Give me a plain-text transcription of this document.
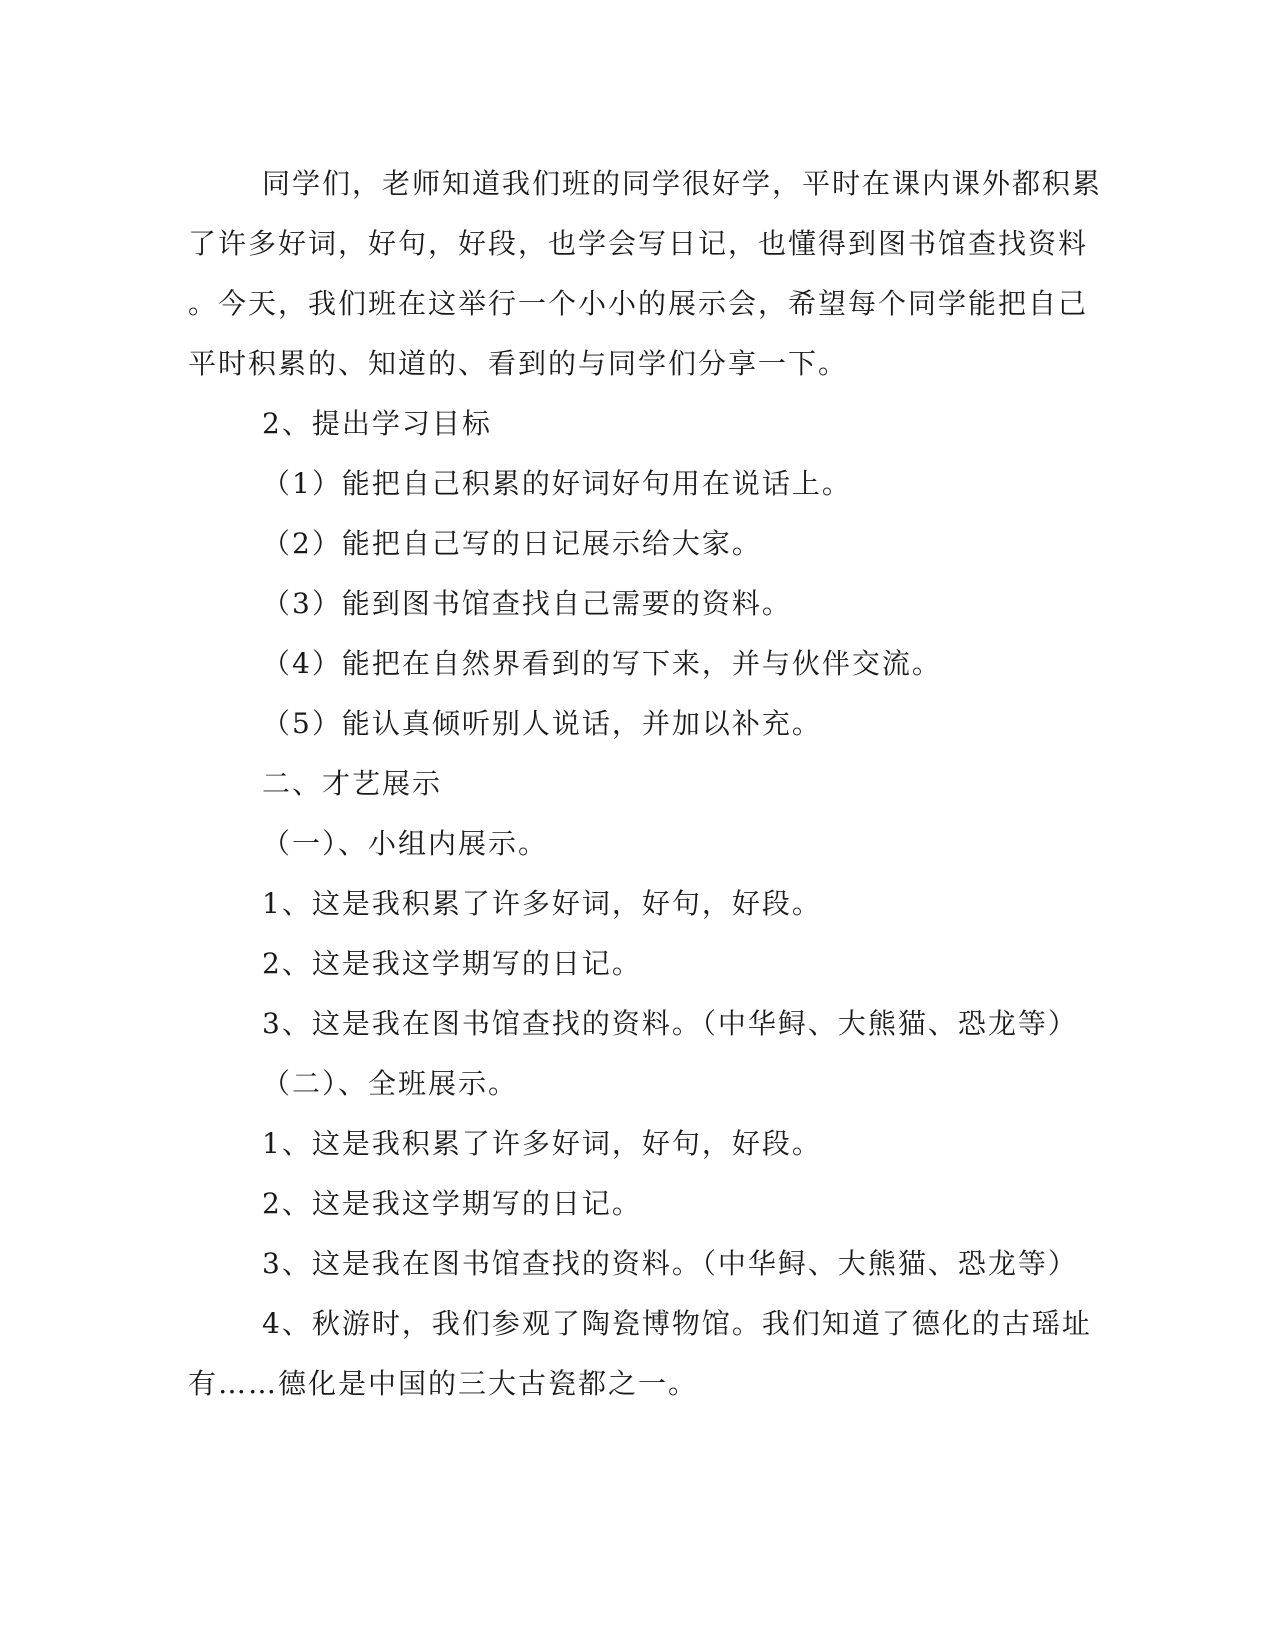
同学们，老师知道我们班的同学很好学，平时在课内课外都积累
了许多好词，好句，好段，也学会写日记，也懂得到图书馆查找资料
。今天，我们班在这举行一个小小的展示会，希望每个同学能把自己
平时积累的、知道的、看到的与同学们分享一下。
2、提出学习目标
（1）能把自己积累的好词好句用在说话上。
（2）能把自己写的日记展示给大家。
（3）能到图书馆查找自己需要的资料。
（4）能把在自然界看到的写下来，并与伙伴交流。
（5）能认真倾听别人说话，并加以补充。
二、才艺展示
（一）、小组内展示。
1、这是我积累了许多好词，好句，好段。
2、这是我这学期写的日记。
3、这是我在图书馆查找的资料。（中华鲟、大熊猫、恐龙等）
（二）、全班展示。
1、这是我积累了许多好词，好句，好段。
2、这是我这学期写的日记。
3、这是我在图书馆查找的资料。（中华鲟、大熊猫、恐龙等）
4、秋游时，我们参观了陶瓷博物馆。我们知道了德化的古瑶址
有……德化是中国的三大古瓷都之一。
